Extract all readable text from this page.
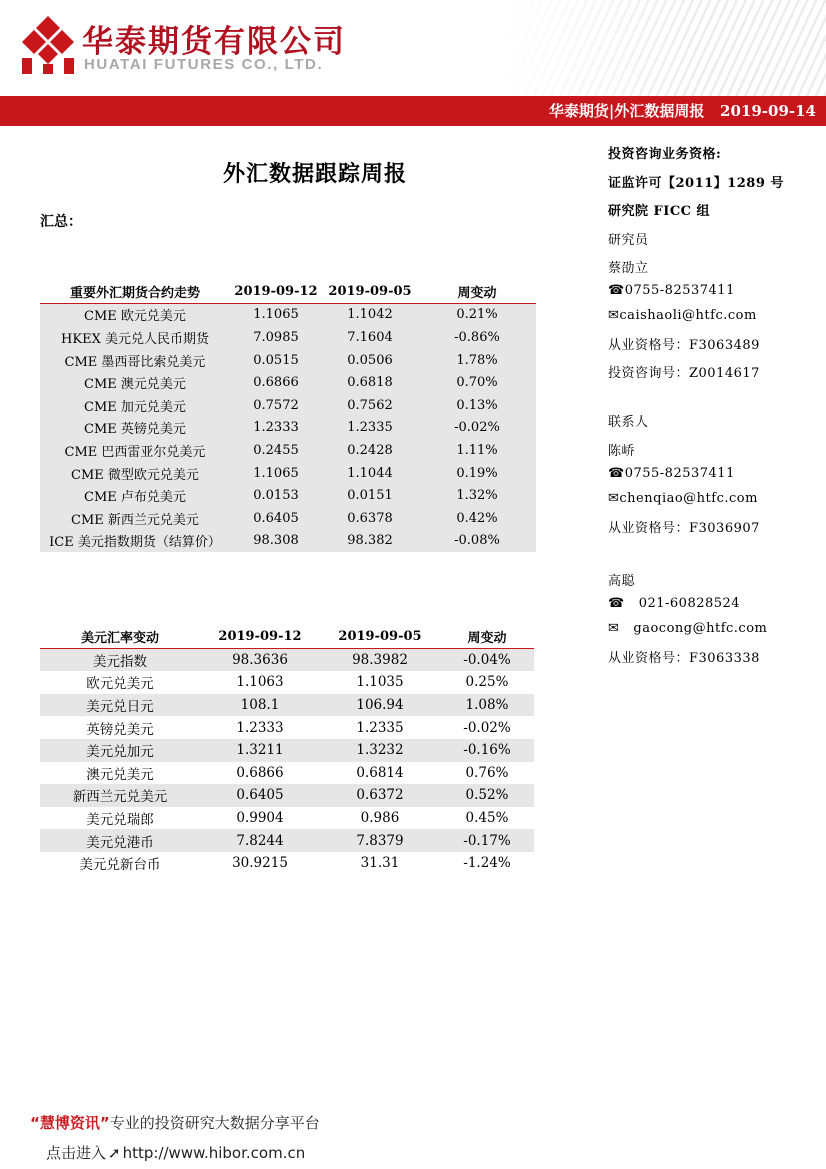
华泰期货有限公司
HUATAI FUTURES CO., LTD.
华泰期货|外汇数据周报   2019-09-14
外汇数据跟踪周报
汇总：
重要外汇期货合约走势	2019-09-12	2019-09-05	周变动
CME 欧元兑美元	1.1065	1.1042	0.21%
HKEX 美元兑人民币期货	7.0985	7.1604	-0.86%
CME 墨西哥比索兑美元	0.0515	0.0506	1.78%
CME 澳元兑美元	0.6866	0.6818	0.70%
CME 加元兑美元	0.7572	0.7562	0.13%
CME 英镑兑美元	1.2333	1.2335	-0.02%
CME 巴西雷亚尔兑美元	0.2455	0.2428	1.11%
CME 微型欧元兑美元	1.1065	1.1044	0.19%
CME 卢布兑美元	0.0153	0.0151	1.32%
CME 新西兰元兑美元	0.6405	0.6378	0.42%
ICE 美元指数期货（结算价）	98.308	98.382	-0.08%
美元汇率变动	2019-09-12	2019-09-05	周变动
美元指数	98.3636	98.3982	-0.04%
欧元兑美元	1.1063	1.1035	0.25%
美元兑日元	108.1	106.94	1.08%
英镑兑美元	1.2333	1.2335	-0.02%
美元兑加元	1.3211	1.3232	-0.16%
澳元兑美元	0.6866	0.6814	0.76%
新西兰元兑美元	0.6405	0.6372	0.52%
美元兑瑞郎	0.9904	0.986	0.45%
美元兑港币	7.8244	7.8379	-0.17%
美元兑新台币	30.9215	31.31	-1.24%
投资咨询业务资格:
证监许可【2011】1289 号
研究院 FICC 组
研究员
蔡劭立
☎0755-82537411
✉caishaoli@htfc.com
从业资格号：F3063489
投资咨询号：Z0014617
联系人
陈峤
☎0755-82537411
✉chenqiao@htfc.com
从业资格号：F3036907
高聪
☎ 021-60828524
✉ gaocong@htfc.com
从业资格号：F3063338
“慧博资讯”专业的投资研究大数据分享平台
点击进入 ➚ http://www.hibor.com.cn
